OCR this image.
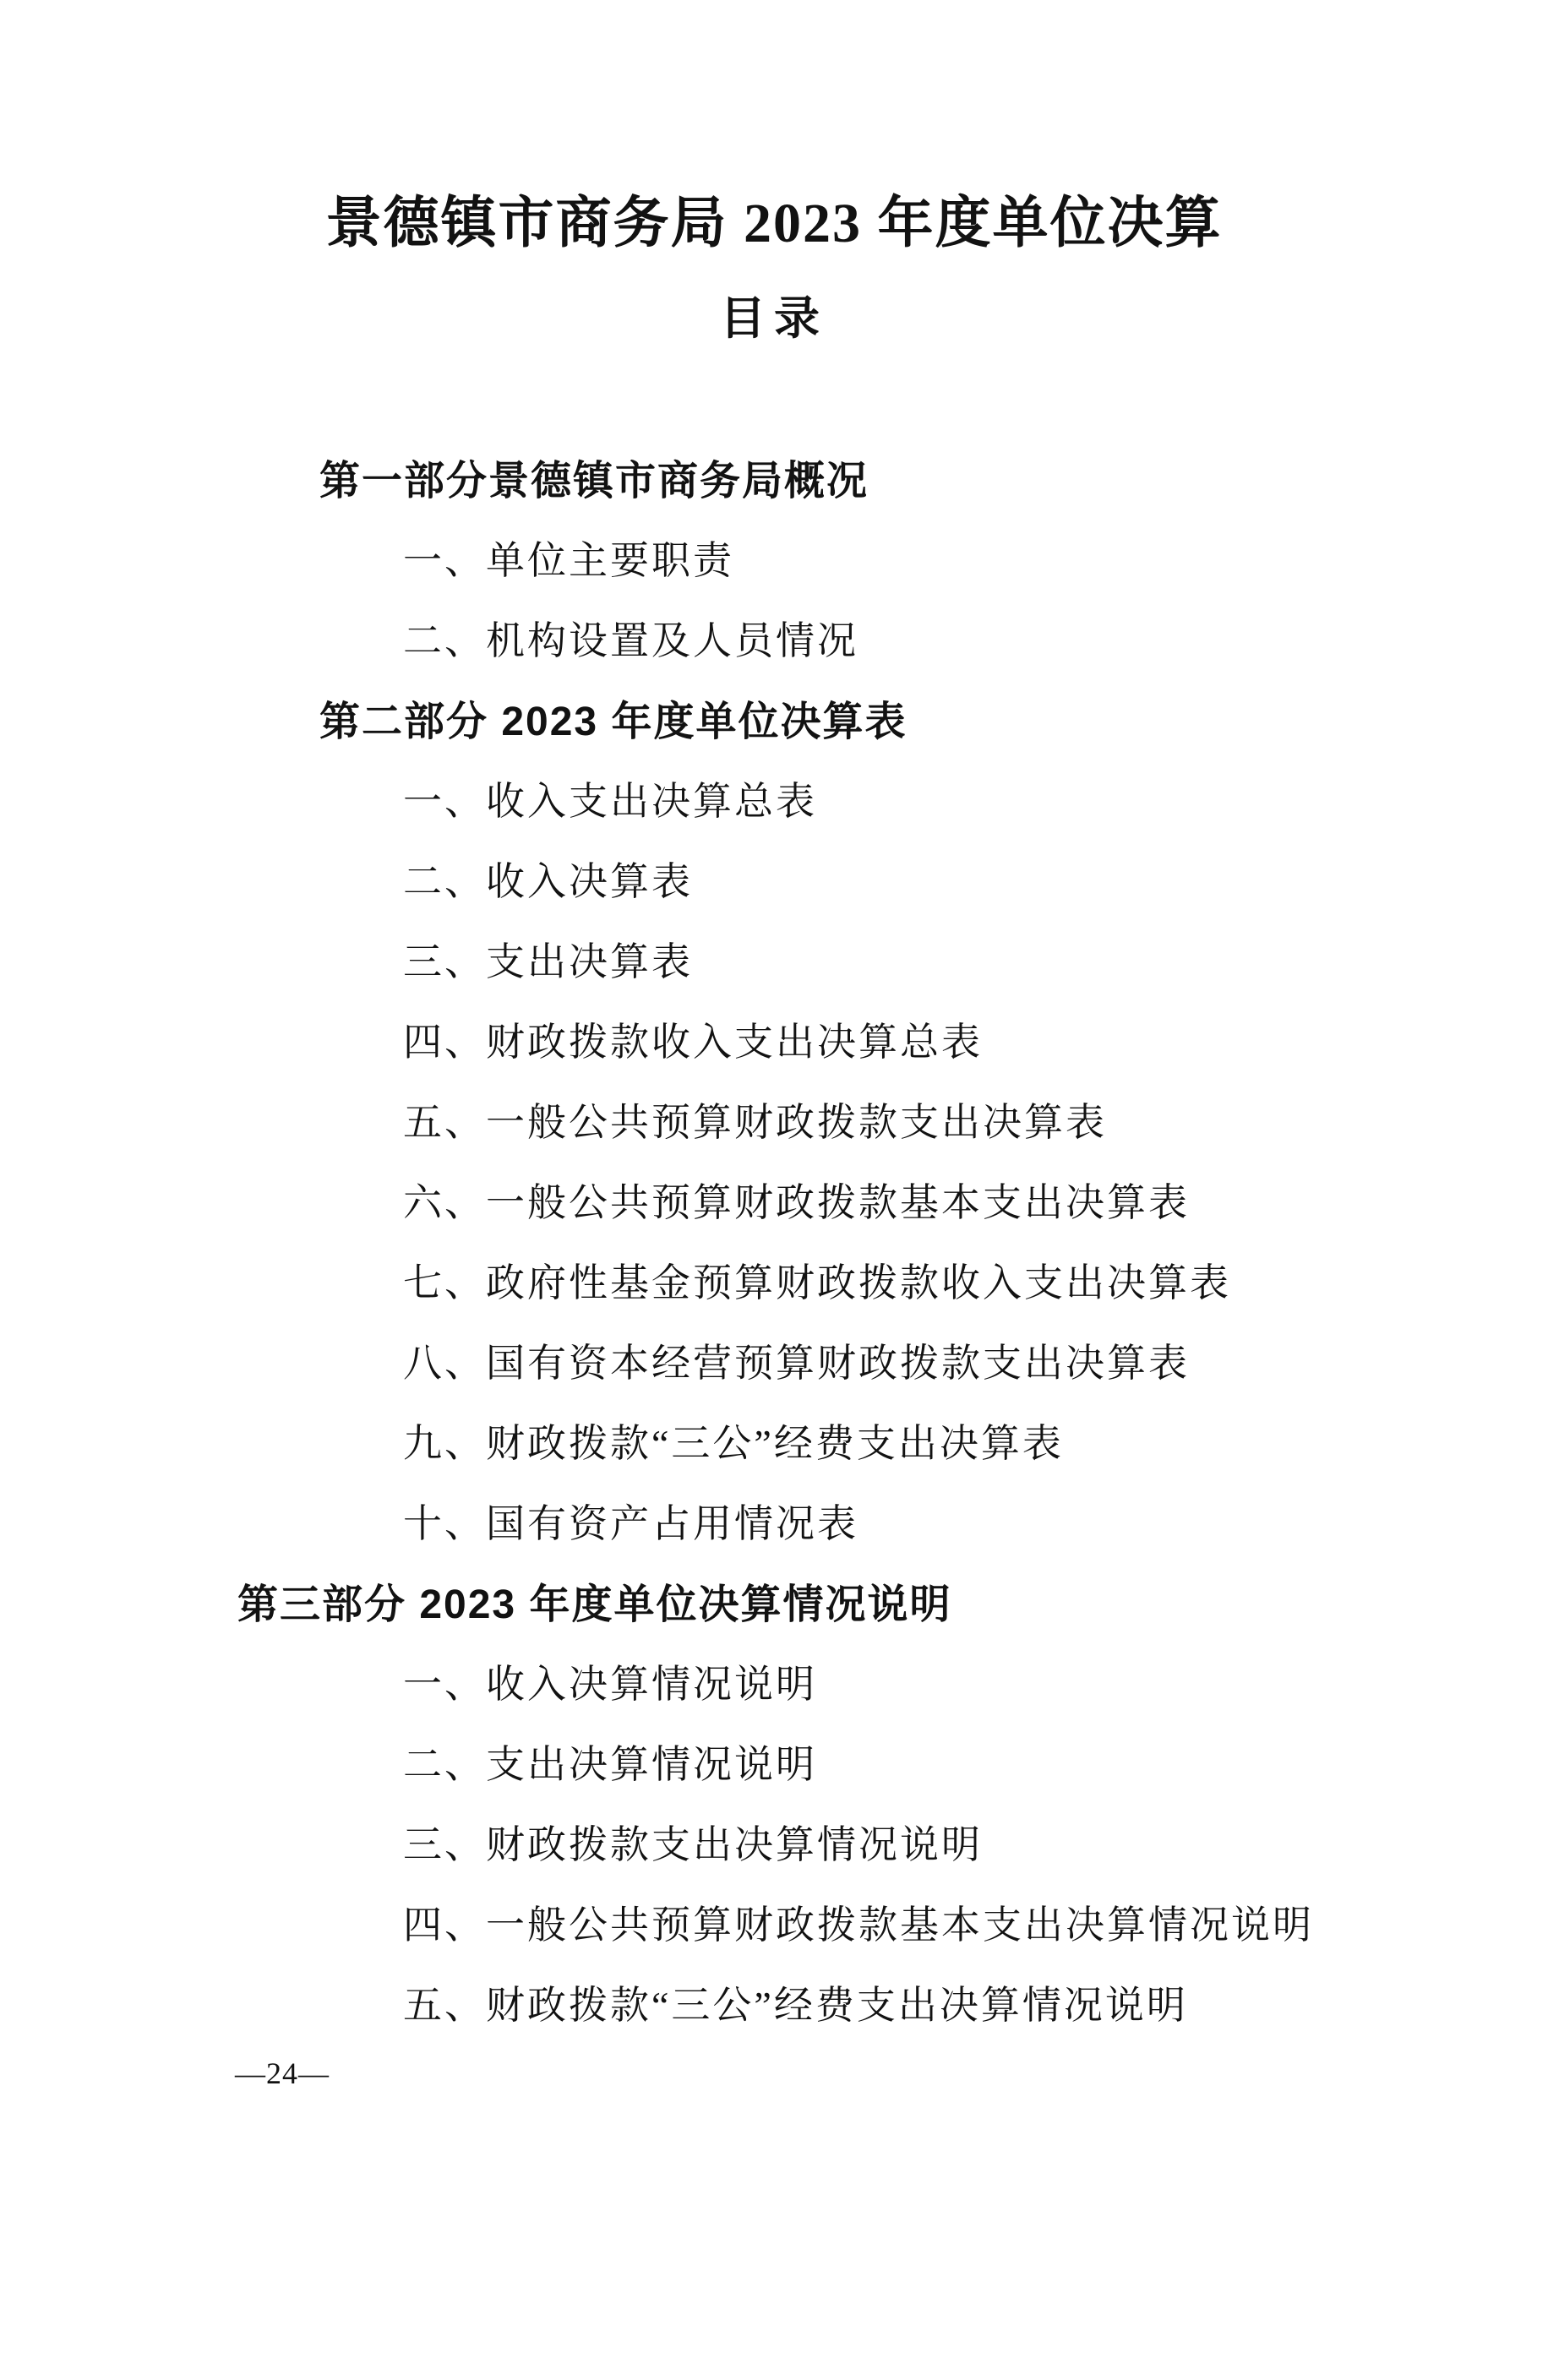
景德镇市商务局 2023 年度单位决算
目录
第一部分景德镇市商务局概况
一、单位主要职责
二、机构设置及人员情况
第二部分 2023 年度单位决算表
一、收入支出决算总表
二、收入决算表
三、支出决算表
四、财政拨款收入支出决算总表
五、一般公共预算财政拨款支出决算表
六、一般公共预算财政拨款基本支出决算表
七、政府性基金预算财政拨款收入支出决算表
八、国有资本经营预算财政拨款支出决算表
九、财政拨款“三公”经费支出决算表
十、国有资产占用情况表
第三部分 2023 年度单位决算情况说明
一、收入决算情况说明
二、支出决算情况说明
三、财政拨款支出决算情况说明
四、一般公共预算财政拨款基本支出决算情况说明
五、财政拨款“三公”经费支出决算情况说明
—24—
